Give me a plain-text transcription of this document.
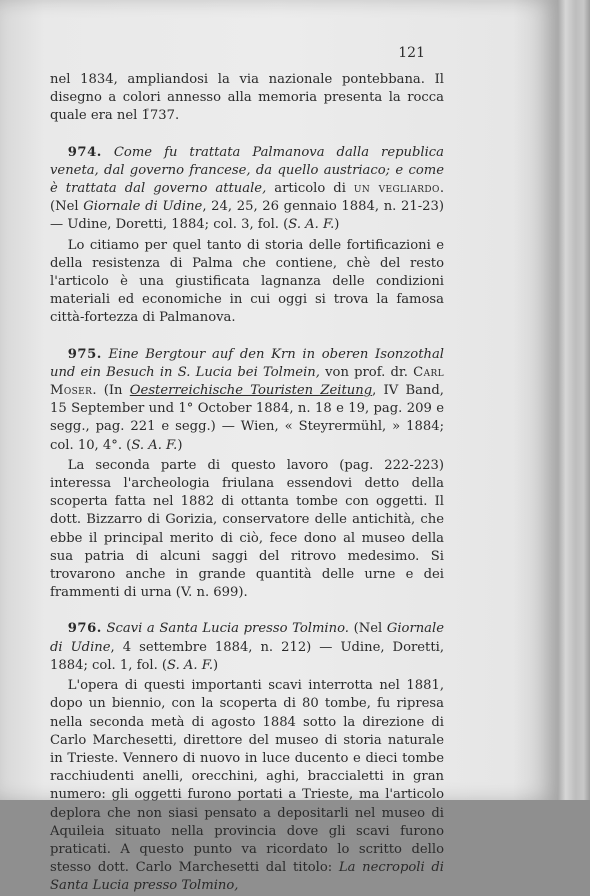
121

nel 1834, ampliandosi la via nazionale pontebbana. Il disegno a colori annesso alla memoria presenta la rocca quale era nel 1737.

974. Come fu trattata Palmanova dalla republica veneta, dal governo francese, da quello austriaco; e come è trattata dal governo attuale, articolo di un vegliardo. (Nel Giornale di Udine, 24, 25, 26 gennaio 1884, n. 21-23) — Udine, Doretti, 1884; col. 3, fol. (S. A. F.)

Lo citiamo per quel tanto di storia delle fortificazioni e della resistenza di Palma che contiene, chè del resto l'articolo è una giustificata lagnanza delle condizioni materiali ed economiche in cui oggi si trova la famosa città-fortezza di Palmanova.

975. Eine Bergtour auf den Krn in oberen Isonzothal und ein Besuch in S. Lucia bei Tolmein, von prof. dr. Carl Moser. (In Oesterreichische Touristen Zeitung, IV Band, 15 September und 1° October 1884, n. 18 e 19, pag. 209 e segg., pag. 221 e segg.) — Wien, « Steyrermühl, » 1884; col. 10, 4°. (S. A. F.)

La seconda parte di questo lavoro (pag. 222-223) interessa l'archeologia friulana essendovi detto della scoperta fatta nel 1882 di ottanta tombe con oggetti. Il dott. Bizzarro di Gorizia, conservatore delle antichità, che ebbe il principal merito di ciò, fece dono al museo della sua patria di alcuni saggi del ritrovo medesimo. Si trovarono anche in grande quantità delle urne e dei frammenti di urna (V. n. 699).

976. Scavi a Santa Lucia presso Tolmino. (Nel Giornale di Udine, 4 settembre 1884, n. 212) — Udine, Doretti, 1884; col. 1, fol. (S. A. F.)

L'opera di questi importanti scavi interrotta nel 1881, dopo un biennio, con la scoperta di 80 tombe, fu ripresa nella seconda metà di agosto 1884 sotto la direzione di Carlo Marchesetti, direttore del museo di storia naturale in Trieste. Vennero di nuovo in luce ducento e dieci tombe racchiudenti anelli, orecchini, aghi, braccialetti in gran numero: gli oggetti furono portati a Trieste, ma l'articolo deplora che non siasi pensato a depositarli nel museo di Aquileia situato nella provincia dove gli scavi furono praticati. A questo punto va ricordato lo scritto dello stesso dott. Carlo Marchesetti dal titolo: La necropoli di Santa Lucia presso Tolmino,
